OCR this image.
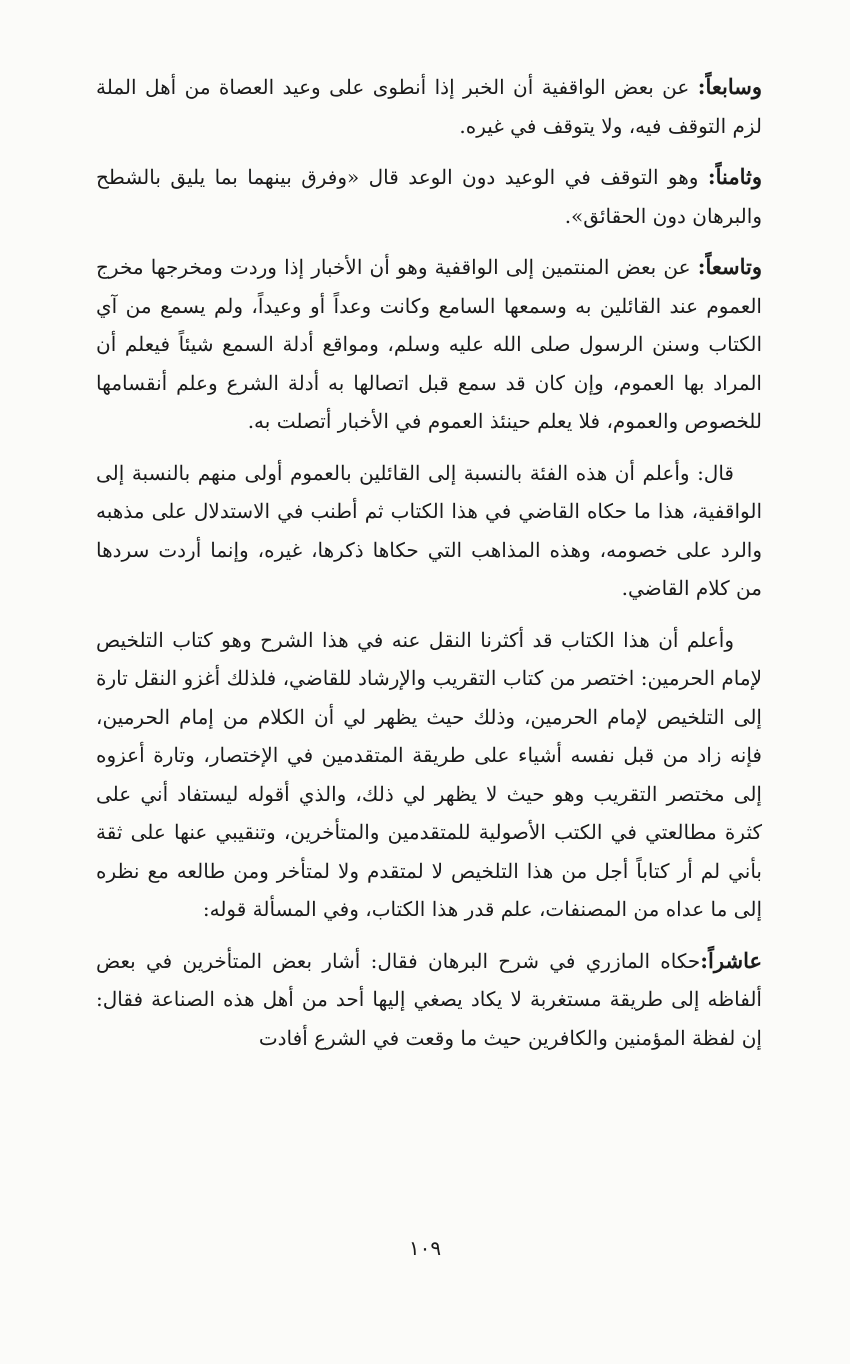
وسابعاً: عن بعض الواقفية أن الخبر إذا أنطوى على وعيد العصاة من أهل الملة لزم التوقف فيه، ولا يتوقف في غيره.

وثامناً: وهو التوقف في الوعيد دون الوعد قال «وفرق بينهما بما يليق بالشطح والبرهان دون الحقائق».

وتاسعاً: عن بعض المنتمين إلى الواقفية وهو أن الأخبار إذا وردت ومخرجها مخرج العموم عند القائلين به وسمعها السامع وكانت وعداً أو وعيداً، ولم يسمع من آي الكتاب وسنن الرسول صلى الله عليه وسلم، ومواقع أدلة السمع شيئاً فيعلم أن المراد بها العموم، وإن كان قد سمع قبل اتصالها به أدلة الشرع وعلم أنقسامها للخصوص والعموم، فلا يعلم حينئذ العموم في الأخبار أتصلت به.

قال: وأعلم أن هذه الفئة بالنسبة إلى القائلين بالعموم أولى منهم بالنسبة إلى الواقفية، هذا ما حكاه القاضي في هذا الكتاب ثم أطنب في الاستدلال على مذهبه والرد على خصومه، وهذه المذاهب التي حكاها ذكرها، غيره، وإنما أردت سردها من كلام القاضي.

وأعلم أن هذا الكتاب قد أكثرنا النقل عنه في هذا الشرح وهو كتاب التلخيص لإمام الحرمين: اختصر من كتاب التقريب والإرشاد للقاضي، فلذلك أغزو النقل تارة إلى التلخيص لإمام الحرمين، وذلك حيث يظهر لي أن الكلام من إمام الحرمين، فإنه زاد من قبل نفسه أشياء على طريقة المتقدمين في الإختصار، وتارة أعزوه إلى مختصر التقريب وهو حيث لا يظهر لي ذلك، والذي أقوله ليستفاد أني على كثرة مطالعتي في الكتب الأصولية للمتقدمين والمتأخرين، وتنقيبي عنها على ثقة بأني لم أر كتاباً أجل من هذا التلخيص لا لمتقدم ولا لمتأخر ومن طالعه مع نظره إلى ما عداه من المصنفات، علم قدر هذا الكتاب، وفي المسألة قوله:

عاشراً:حكاه المازري في شرح البرهان فقال: أشار بعض المتأخرين في بعض ألفاظه إلى طريقة مستغربة لا يكاد يصغي إليها أحد من أهل هذه الصناعة فقال: إن لفظة المؤمنين والكافرين حيث ما وقعت في الشرع أفادت

١٠٩
